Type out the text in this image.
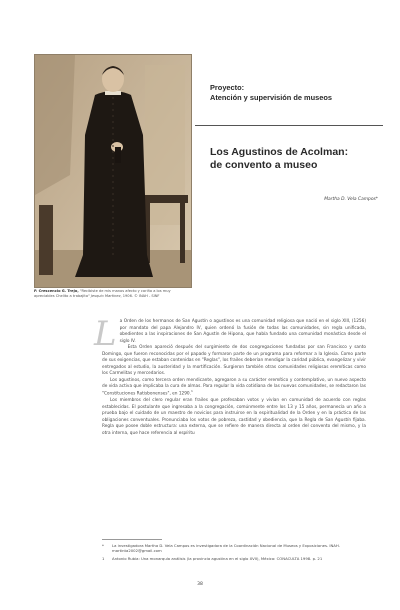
P. Crescencio G. Trejo, "Recibiste de mis manos afecto y cariño a los muy
apreciables Chelito a trabajito" Jesquio Martinez, 1906. © INAH - SINF
Proyecto:
Atención y supervisión de museos
Los Agustinos de Acolman:
de convento a museo
Martha D. Vela Campos*

La Orden de los hermanos de San Agustín o agustinos es una comunidad religiosa que nació en el siglo XIII, (1256) por mandato del papa Alejandro IV, quien ordenó la fusión de todas las comunidades, sin regla unificada, obedientes a las inspiraciones de San Agustín de Hipona, que había fundado una comunidad monástica desde el siglo IV.

Esta Orden apareció después del surgimiento de dos congregaciones fundadas por san Francisco y santo Domingo, que fueron reconocidas por el papado y formaron parte de un programa para reformar a la Iglesia. Como parte de sus exigencias, que estaban contenidas en "Reglas", los frailes deberían mendigar la caridad pública, evangelizar y vivir entregados al estudio, la austeridad y la mortificación. Surgieron también otras comunidades religiosas eremíticas como los Carmelitas y mercedarios.

Los agustinos, como tercera orden mendicante, agregaron a su carácter eremítico y contemplativo, un nuevo aspecto de vida activa que implicaba la cura de almas. Para regular la vida cotidiana de las nuevas comunidades, se redactaron las "Constituciones Ratisbonenses", en 1290.$^1$

Los miembros del clero regular eran frailes que profesaban votos y vivían en comunidad de acuerdo con reglas establecidas. El postulante que ingresaba a la congregación, comúnmente entre los 13 y 15 años, permanecía un año a prueba bajo el cuidado de un maestro de novicios para instruirse en la espiritualidad de la Orden y en la práctica de las obligaciones conventuales. Pronunciaba los votos de pobreza, castidad y obediencia, que la Regla de San Agustín fijaba. Regla que posee doble estructura: una externa, que se refiere de manera directa al orden del convento del mismo, y la otra interna, que hace referencia al espíritu

* La investigadora Martha D. Vela Campos es investigadora de la Coordinación Nacional de Museos y Exposiciones. INAH. martinta2002@gmail.com
1 Antonio Rubia: Una monarquía análisis (la provincia agustina en el siglo XVII), México: CONACULTA 1998. p. 21
38
